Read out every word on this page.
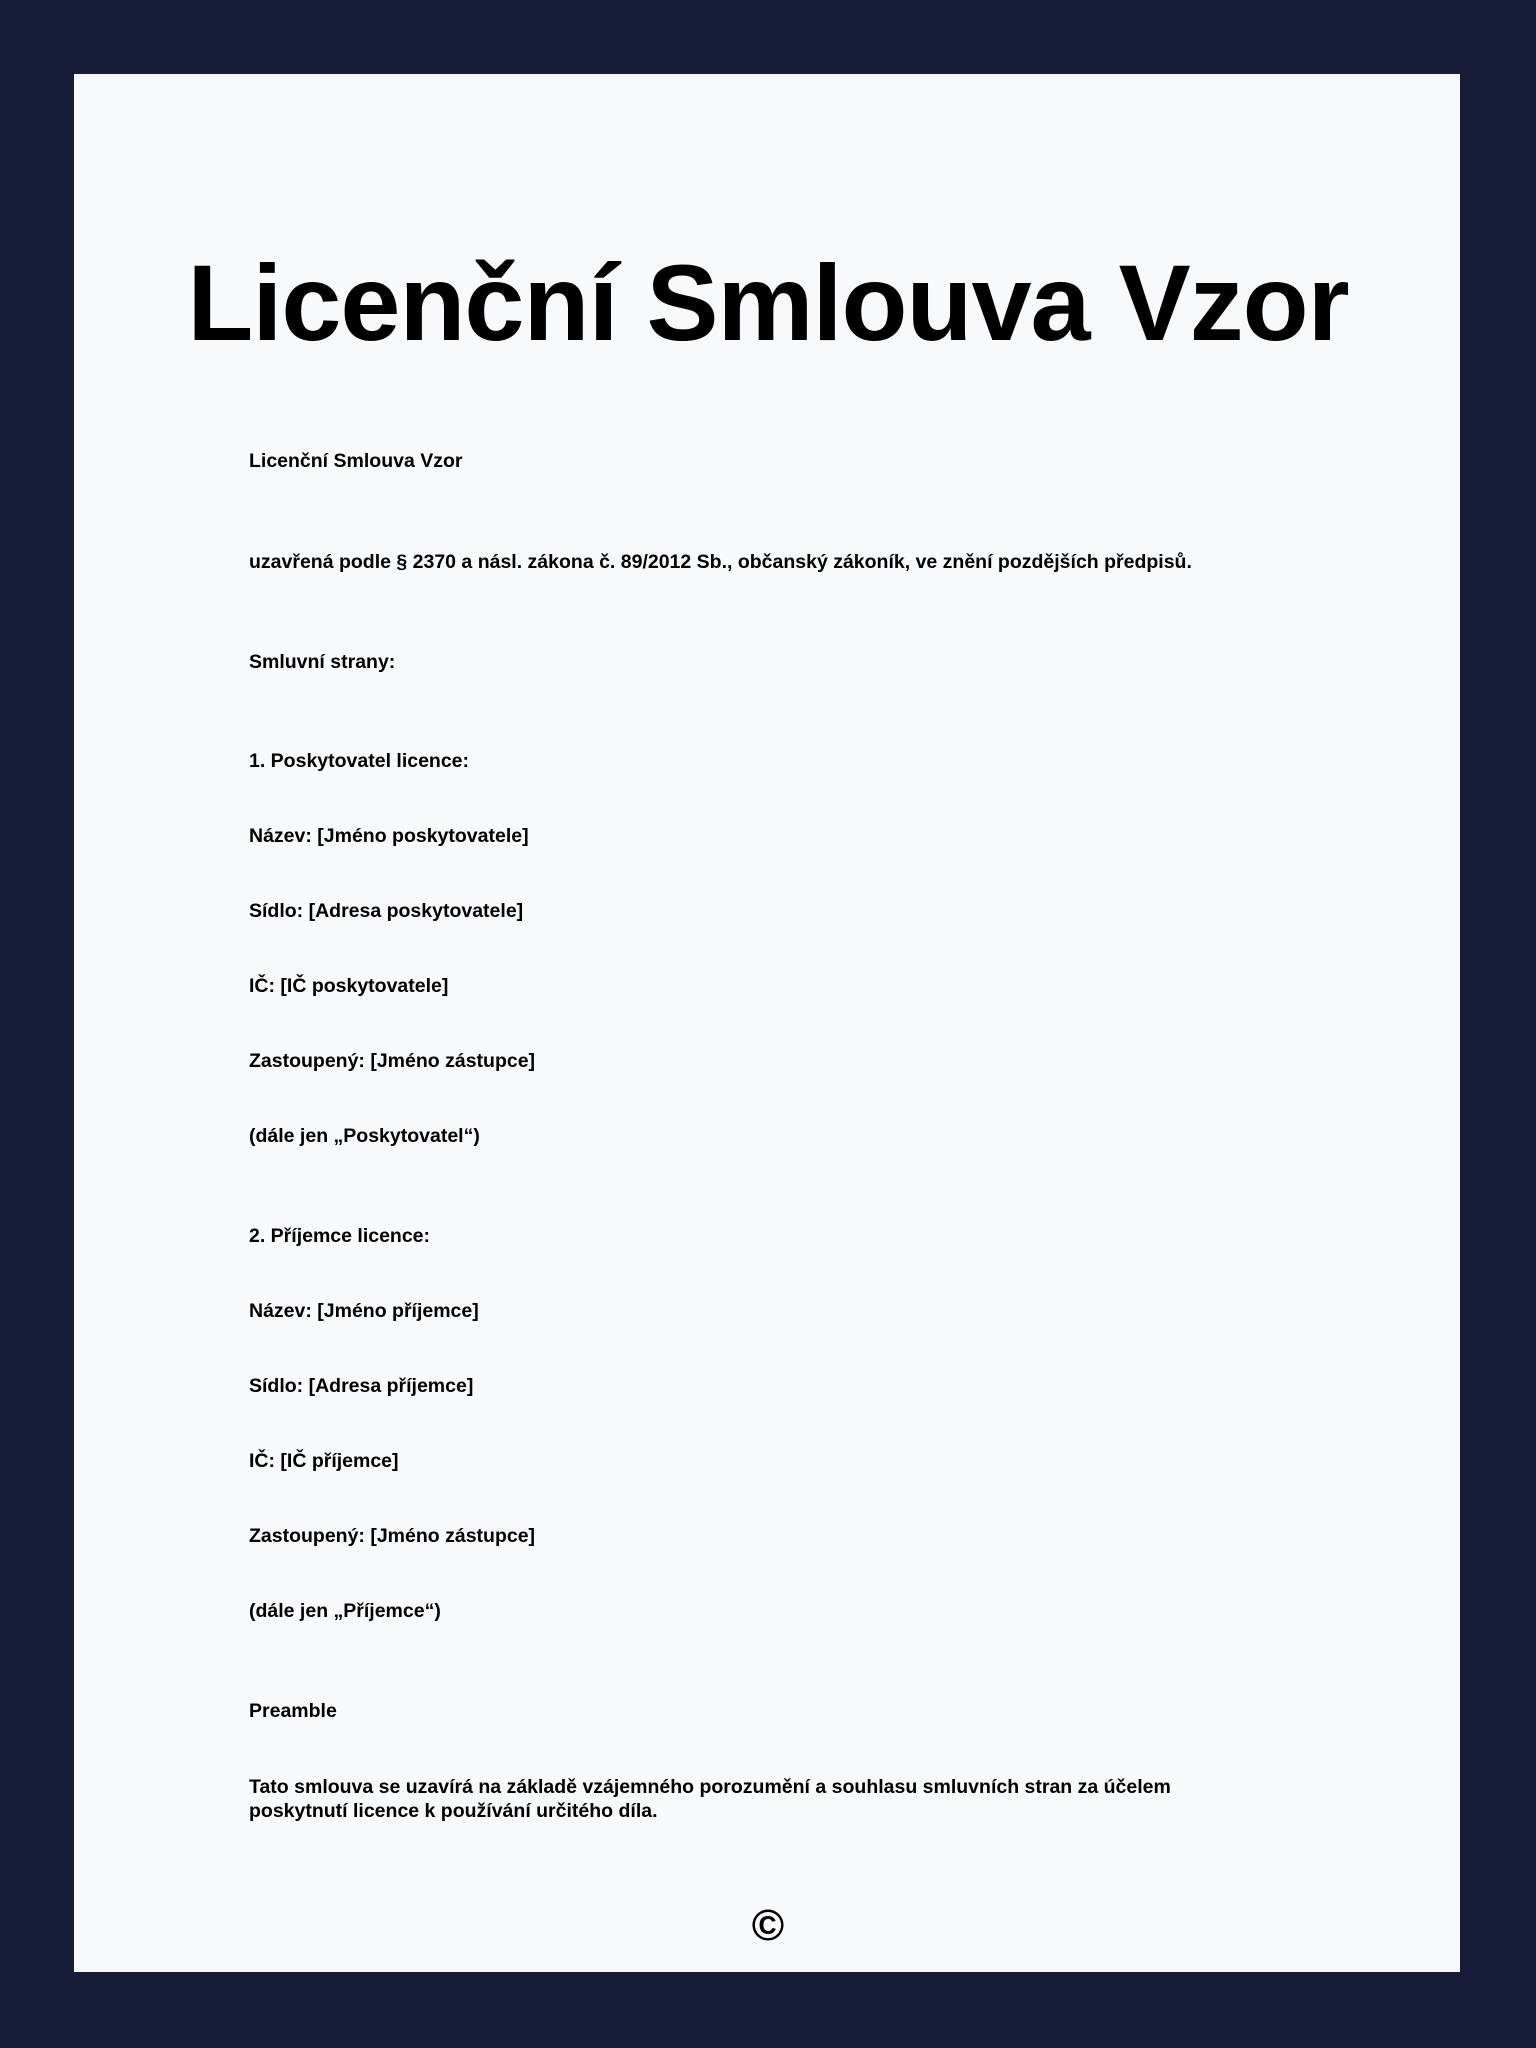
Licenční Smlouva Vzor

Licenční Smlouva Vzor

uzavřená podle § 2370 a násl. zákona č. 89/2012 Sb., občanský zákoník, ve znění pozdějších předpisů.

Smluvní strany:

1. Poskytovatel licence:

Název: [Jméno poskytovatele]

Sídlo: [Adresa poskytovatele]

IČ: [IČ poskytovatele]

Zastoupený: [Jméno zástupce]

(dále jen „Poskytovatel“)

2. Příjemce licence:

Název: [Jméno příjemce]

Sídlo: [Adresa příjemce]

IČ: [IČ příjemce]

Zastoupený: [Jméno zástupce]

(dále jen „Příjemce“)

Preamble

Tato smlouva se uzavírá na základě vzájemného porozumění a souhlasu smluvních stran za účelem poskytnutí licence k používání určitého díla.

©
